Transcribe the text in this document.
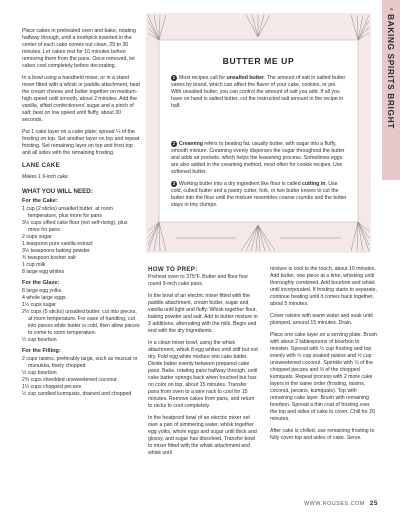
‹
BAKING SPIRITS BRIGHT

Place cakes in preheated oven and bake, rotating halfway through, until a toothpick inserted in the center of each cake comes out clean, 25 to 30 minutes. Let cakes rest for 10 minutes before removing them from the pans. Once removed, let cakes cool completely before decorating.

In a bowl using a handheld mixer, or in a stand mixer fitted with a whisk or paddle attachment, beat the cream cheese and butter together on medium-high speed until smooth, about 2 minutes. Add the vanilla, sifted confectioners' sugar and a pinch of salt; beat on low speed until fluffy, about 30 seconds.

Put 1 cake layer on a cake plate; spread ¼ of the frosting on top. Set another layer on top and repeat frosting. Set remaining layer on top and frost top and all sides with the remaining frosting.

LANE CAKE

Makes 1 9-inch cake

WHAT YOU WILL NEED:

For the Cake:

1 cup (2 sticks) unsalted butter, at room temperature, plus more for pans

3½ cups sifted cake flour (not self-rising), plus more for pans

2 cups sugar

1 teaspoon pure vanilla extract

3½ teaspoons baking powder

¾ teaspoon kosher salt

1 cup milk

8 large egg whites

For the Glaze:

8 large egg yolks

4 whole large eggs

1½ cups sugar

2½ cups (5 sticks) unsalted butter, cut into pieces, at room temperature. For ease of handling, cut into pieces while butter is cold, then allow pieces to come to room temperature.

¼ cup bourbon

For the Filling:

2 cups raisins, preferably large, such as muscat or munukka, finely chopped

½ cup bourbon

2¾ cups shredded unsweetened coconut

1½ cups chopped pecans

½ cup candied kumquats, drained and chopped

BUTTER ME UP
1 Most recipes call for unsalted butter. The amount of salt in salted butter varies by brand, which can affect the flavor of your cake, cookies, or pie. With unsalted butter, you can control the amount of salt you add. If all you have on hand is salted butter, cut the instructed salt amount in the recipe in half.
2 Creaming refers to beating fat, usually butter, with sugar into a fluffy, smooth mixture. Creaming evenly disperses the sugar throughout the butter and adds air pockets, which helps the leavening process. Sometimes eggs are also added in the creaming method, most often for cookie recipes. Use softened butter.
3 Working butter into a dry ingredient like flour is called cutting in. Use cold, cubed butter and a pastry cutter, fork, or two butter knives to cut the butter into the flour until the mixture resembles coarse crumbs and the butter stays in tiny clumps.

HOW TO PREP:

Preheat oven to 375°F. Butter and flour four round 9-inch cake pans.

In the bowl of an electric mixer fitted with the paddle attachment, cream butter, sugar and vanilla until light and fluffy. Whisk together flour, baking powder and salt. Add to butter mixture in 3 additions, alternating with the milk. Begin and end with the dry ingredients.

In a clean mixer bowl, using the whisk attachment, whisk 8 egg whites until stiff but not dry. Fold egg white mixture into cake batter. Divide batter evenly between prepared cake pans. Bake, rotating pans halfway through, until cake batter springs back when touched but has no color on top, about 15 minutes. Transfer pans from oven to a wire rack to cool for 15 minutes. Remove cakes from pans, and return to racks to cool completely.

In the heatproof bowl of an electric mixer set over a pan of simmering water, whisk together egg yolks, whole eggs and sugar until thick and glossy, and sugar has dissolved. Transfer bowl to mixer fitted with the whisk attachment and whisk until

mixture is cool to the touch, about 10 minutes. Add butter, one piece at a time, whisking until thoroughly combined. Add bourbon and whisk until incorporated. If frosting starts to separate, continue beating until it comes back together, about 5 minutes.

Cover raisins with warm water and soak until plumped, around 15 minutes. Drain.

Place one cake layer on a serving plate. Brush with about 2 tablespoons of bourbon to moisten. Spread with ½ cup frosting and top evenly with ½ cup soaked raisins and ½ cup unsweetened coconut. Sprinkle with ⅓ of the chopped pecans and ⅓ of the chopped kumquats. Repeat process with 2 more cake layers in the same order (frosting, raisins, coconut, pecans, kumquats). Top with remaining cake layer. Brush with remaining bourbon. Spread a thin coat of frosting over the top and sides of cake to cover. Chill for 20 minutes.

After cake is chilled, use remaining frosting to fully cover top and sides of cake. Serve.

WWW.ROUSES.COM 25
